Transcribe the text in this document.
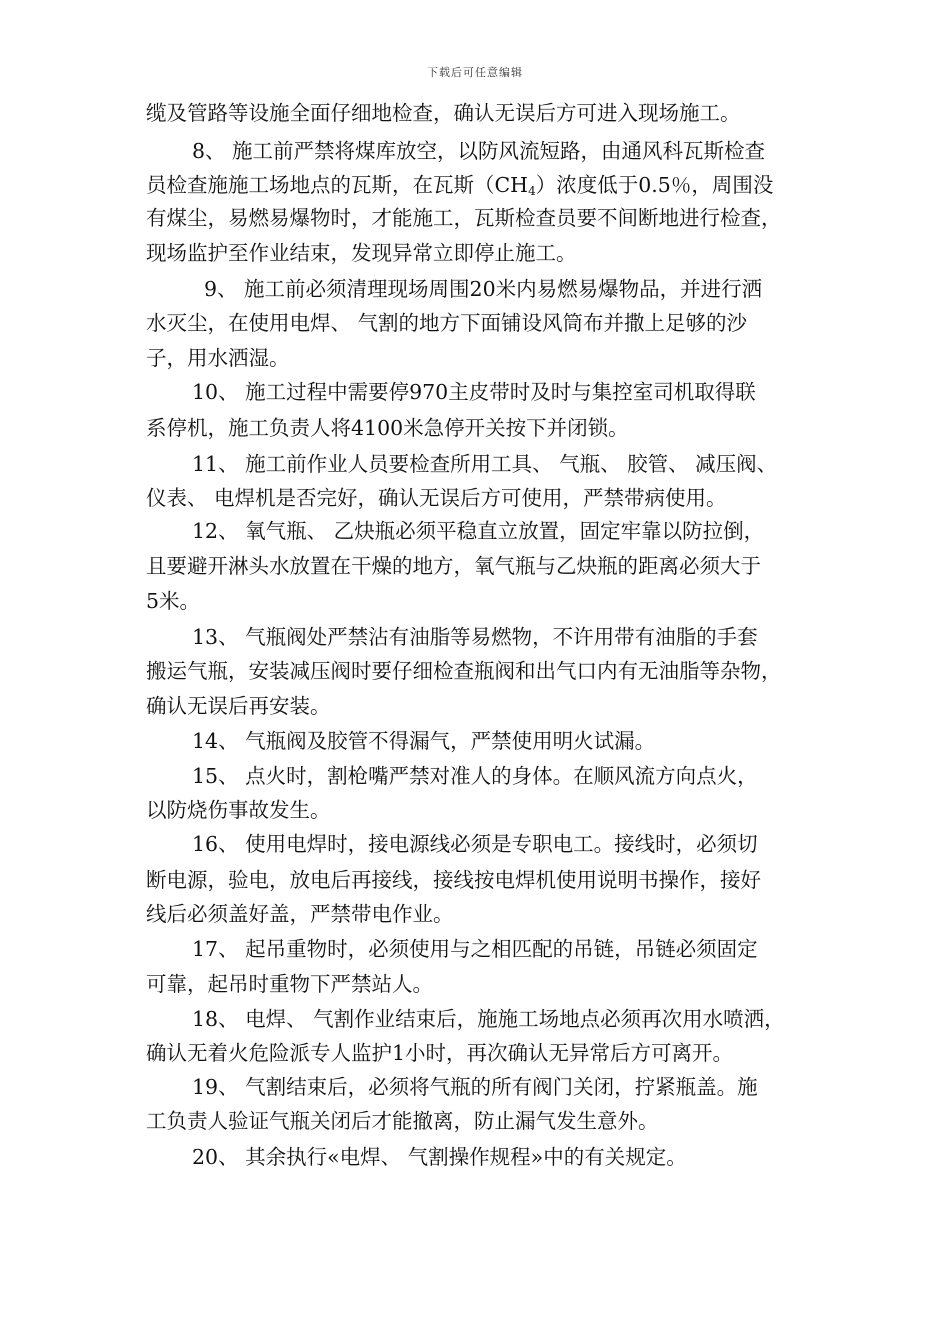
下载后可任意编辑
缆及管路等设施全面仔细地检查，确认无误后方可进入现场施工。
8、 施工前严禁将煤库放空，以防风流短路，由通风科瓦斯检查
员检查施施工场地点的瓦斯，在瓦斯$(CH_4)$浓度低于0.5％，周围没
有煤尘，易燃易爆物时，才能施工，瓦斯检查员要不间断地进行检查，
现场监护至作业结束，发现异常立即停止施工。
9、 施工前必须清理现场周围20米内易燃易爆物品，并进行洒
水灭尘，在使用电焊、 气割的地方下面铺设风筒布并撒上足够的沙
子，用水洒湿。
10、 施工过程中需要停970主皮带时及时与集控室司机取得联
系停机，施工负责人将4100米急停开关按下并闭锁。
11、 施工前作业人员要检查所用工具、 气瓶、 胶管、 减压阀、
仪表、 电焊机是否完好，确认无误后方可使用，严禁带病使用。
12、 氧气瓶、 乙炔瓶必须平稳直立放置，固定牢靠以防拉倒，
且要避开淋头水放置在干燥的地方，氧气瓶与乙炔瓶的距离必须大于
5米。
13、 气瓶阀处严禁沾有油脂等易燃物，不许用带有油脂的手套
搬运气瓶，安装减压阀时要仔细检查瓶阀和出气口内有无油脂等杂物，
确认无误后再安装。
14、 气瓶阀及胶管不得漏气，严禁使用明火试漏。
15、 点火时，割枪嘴严禁对准人的身体。在顺风流方向点火，
以防烧伤事故发生。
16、 使用电焊时，接电源线必须是专职电工。接线时，必须切
断电源，验电，放电后再接线，接线按电焊机使用说明书操作，接好
线后必须盖好盖，严禁带电作业。
17、 起吊重物时，必须使用与之相匹配的吊链，吊链必须固定
可靠，起吊时重物下严禁站人。
18、 电焊、 气割作业结束后，施施工场地点必须再次用水喷洒，
确认无着火危险派专人监护1小时，再次确认无异常后方可离开。
19、 气割结束后，必须将气瓶的所有阀门关闭，拧紧瓶盖。施
工负责人验证气瓶关闭后才能撤离，防止漏气发生意外。
20、 其余执行«电焊、 气割操作规程»中的有关规定。
